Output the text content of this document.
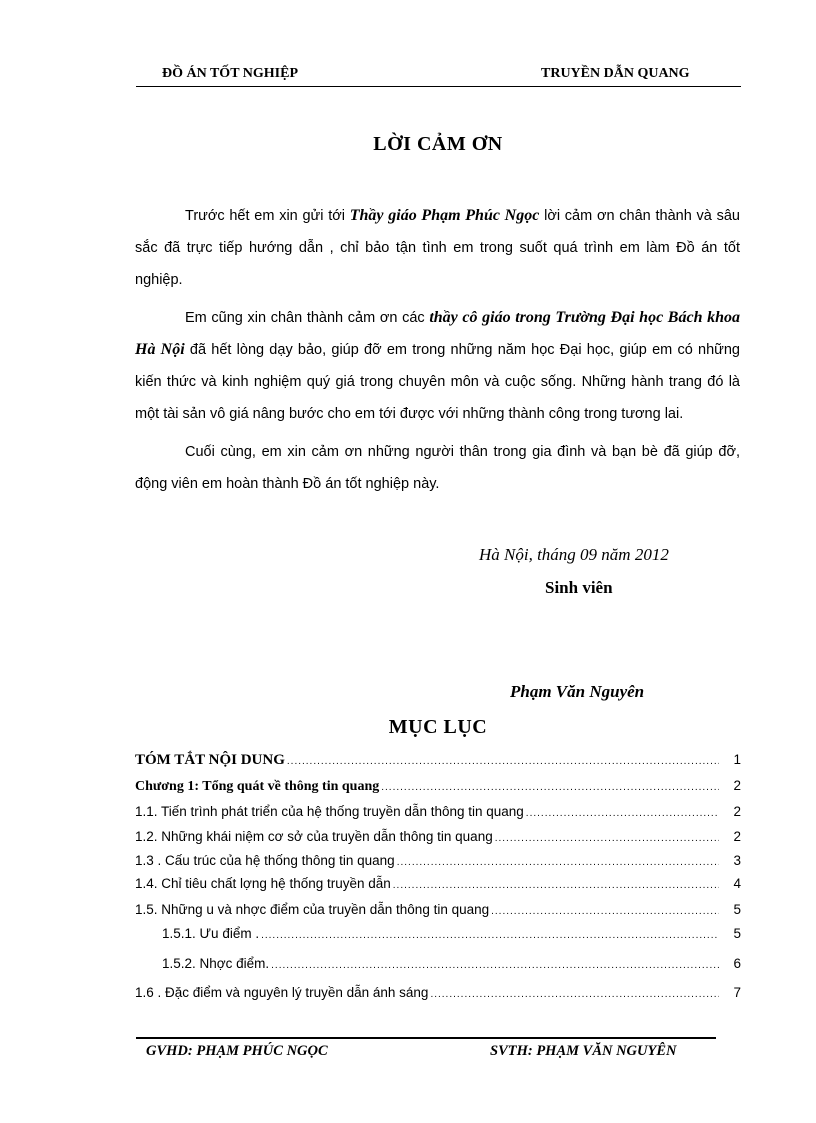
ĐỒ ÁN TỐT NGHIỆP	TRUYỀN DẪN QUANG
LỜI CẢM ƠN

Trước hết em xin gửi tới Thầy giáo Phạm Phúc Ngọc lời cảm ơn chân thành và sâu sắc đã trực tiếp hướng dẫn , chỉ bảo tận tình em trong suốt quá trình em làm Đồ án tốt nghiệp.

Em cũng xin chân thành cảm ơn các thầy cô giáo trong Trường Đại học Bách khoa Hà Nội đã hết lòng dạy bảo, giúp đỡ em trong những năm học Đại học, giúp em có những kiến thức và kinh nghiệm quý giá trong chuyên môn và cuộc sống. Những hành trang đó là một tài sản vô giá nâng bước cho em tới được với những thành công trong tương lai.

Cuối cùng, em xin cảm ơn những người thân trong gia đình và bạn bè đã giúp đỡ, động viên em hoàn thành Đồ án tốt nghiệp này.

Hà Nội, tháng 09 năm 2012
Sinh viên
Phạm Văn Nguyên
MỤC LỤC
TÓM TẮT NỘI DUNG .....	1
Chương 1: Tổng quát về thông tin quang .....	2
1.1. Tiến trình phát triển của hệ thống truyền dẫn thông tin quang .....	2
1.2. Những khái niệm cơ sở của truyền dẫn thông tin quang .....	2
1.3 . Cấu trúc của hệ thống thông tin quang .....	3
1.4. Chỉ tiêu chất lợng hệ thống truyền dẫn .....	4
1.5. Những u và nhợc điểm của truyền dẫn thông tin quang .....	5
1.5.1. Ưu điểm . .....	5
1.5.2. Nhợc điểm. .....	6
1.6 . Đặc điểm và nguyên lý truyền dẫn ánh sáng .....	7
GVHD: PHẠM PHÚC NGỌC	SVTH: PHẠM VĂN NGUYÊN
